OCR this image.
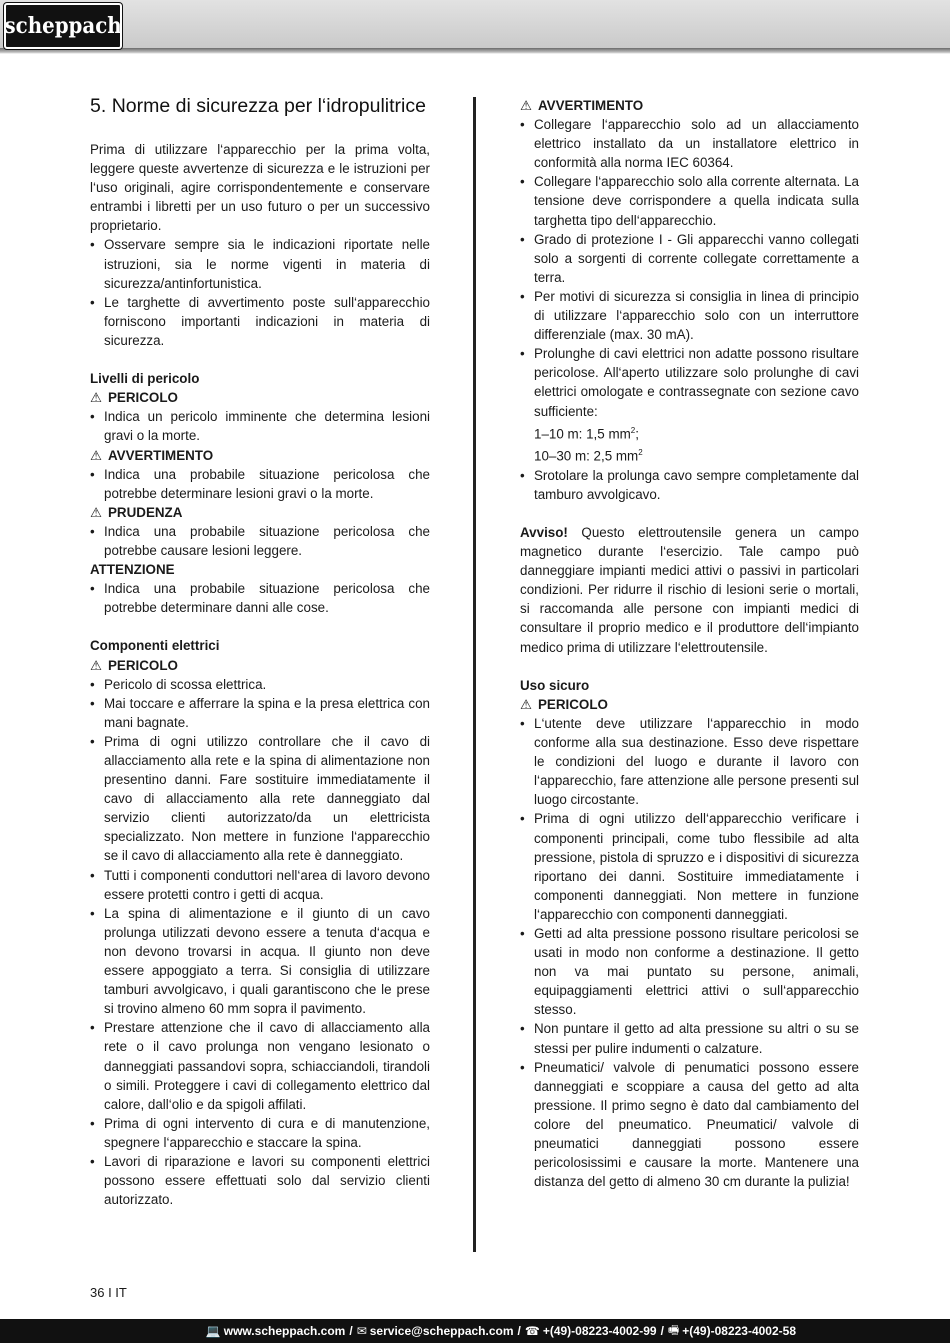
scheppach
5. Norme di sicurezza per l‘idropulitrice

Prima di utilizzare l‘apparecchio per la prima volta, leggere queste avvertenze di sicurezza e le istruzioni per l‘uso originali, agire corrispondentemente e conservare entrambi i libretti per un uso futuro o per un successivo proprietario.

• Osservare sempre sia le indicazioni riportate nelle istruzioni, sia le norme vigenti in materia di sicurezza/antinfortunistica.
• Le targhette di avvertimento poste sull‘apparecchio forniscono importanti indicazioni in materia di sicurezza.

Livelli di pericolo

⚠ PERICOLO

• Indica un pericolo imminente che determina lesioni gravi o la morte.

⚠ AVVERTIMENTO

• Indica una probabile situazione pericolosa che potrebbe determinare lesioni gravi o la morte.

⚠ PRUDENZA

• Indica una probabile situazione pericolosa che potrebbe causare lesioni leggere.

ATTENZIONE

• Indica una probabile situazione pericolosa che potrebbe determinare danni alle cose.

Componenti elettrici

⚠ PERICOLO

• Pericolo di scossa elettrica.
• Mai toccare e afferrare la spina e la presa elettrica con mani bagnate.
• Prima di ogni utilizzo controllare che il cavo di allacciamento alla rete e la spina di alimentazione non presentino danni. Fare sostituire immediatamente il cavo di allacciamento alla rete danneggiato dal servizio clienti autorizzato/da un elettricista specializzato. Non mettere in funzione l‘apparecchio se il cavo di allacciamento alla rete è danneggiato.
• Tutti i componenti conduttori nell‘area di lavoro devono essere protetti contro i getti di acqua.
• La spina di alimentazione e il giunto di un cavo prolunga utilizzati devono essere a tenuta d‘acqua e non devono trovarsi in acqua. Il giunto non deve essere appoggiato a terra. Si consiglia di utilizzare tamburi avvolgicavo, i quali garantiscono che le prese si trovino almeno 60 mm sopra il pavimento.
• Prestare attenzione che il cavo di allacciamento alla rete o il cavo prolunga non vengano lesionato o danneggiati passandovi sopra, schiacciandoli, tirandoli o simili. Proteggere i cavi di collegamento elettrico dal calore, dall‘olio e da spigoli affilati.
• Prima di ogni intervento di cura e di manutenzione, spegnere l‘apparecchio e staccare la spina.
• Lavori di riparazione e lavori su componenti elettrici possono essere effettuati solo dal servizio clienti autorizzato.

⚠ AVVERTIMENTO

• Collegare l‘apparecchio solo ad un allacciamento elettrico installato da un installatore elettrico in conformità alla norma IEC 60364.
• Collegare l‘apparecchio solo alla corrente alternata. La tensione deve corrispondere a quella indicata sulla targhetta tipo dell‘apparecchio.
• Grado di protezione I - Gli apparecchi vanno collegati solo a sorgenti di corrente collegate correttamente a terra.
• Per motivi di sicurezza si consiglia in linea di principio di utilizzare l‘apparecchio solo con un interruttore differenziale (max. 30 mA).
• Prolunghe di cavi elettrici non adatte possono risultare pericolose. All‘aperto utilizzare solo prolunghe di cavi elettrici omologate e contrassegnate con sezione cavo sufficiente:

1–10 m: 1,5 $mm^2$;

10–30 m: 2,5 $mm^2$

• Srotolare la prolunga cavo sempre completamente dal tamburo avvolgicavo.

Avviso! Questo elettroutensile genera un campo magnetico durante l‘esercizio. Tale campo può danneggiare impianti medici attivi o passivi in particolari condizioni. Per ridurre il rischio di lesioni serie o mortali, si raccomanda alle persone con impianti medici di consultare il proprio medico e il produttore dell‘impianto medico prima di utilizzare l‘elettroutensile.

Uso sicuro

⚠ PERICOLO

• L‘utente deve utilizzare l‘apparecchio in modo conforme alla sua destinazione. Esso deve rispettare le condizioni del luogo e durante il lavoro con l‘apparecchio, fare attenzione alle persone presenti sul luogo circostante.
• Prima di ogni utilizzo dell‘apparecchio verificare i componenti principali, come tubo flessibile ad alta pressione, pistola di spruzzo e i dispositivi di sicurezza riportano dei danni. Sostituire immediatamente i componenti danneggiati. Non mettere in funzione l‘apparecchio con componenti danneggiati.
• Getti ad alta pressione possono risultare pericolosi se usati in modo non conforme a destinazione. Il getto non va mai puntato su persone, animali, equipaggiamenti elettrici attivi o sull‘apparecchio stesso.
• Non puntare il getto ad alta pressione su altri o su se stessi per pulire indumenti o calzature.
• Pneumatici/ valvole di penumatici possono essere danneggiati e scoppiare a causa del getto ad alta pressione. Il primo segno è dato dal cambiamento del colore del pneumatico. Pneumatici/ valvole di pneumatici danneggiati possono essere pericolosissimi e causare la morte. Mantenere una distanza del getto di almeno 30 cm durante la pulizia!
36 I IT
💻 www.scheppach.com / ✉ service@scheppach.com / ☎ +(49)-08223-4002-99 / 🖷 +(49)-08223-4002-58
